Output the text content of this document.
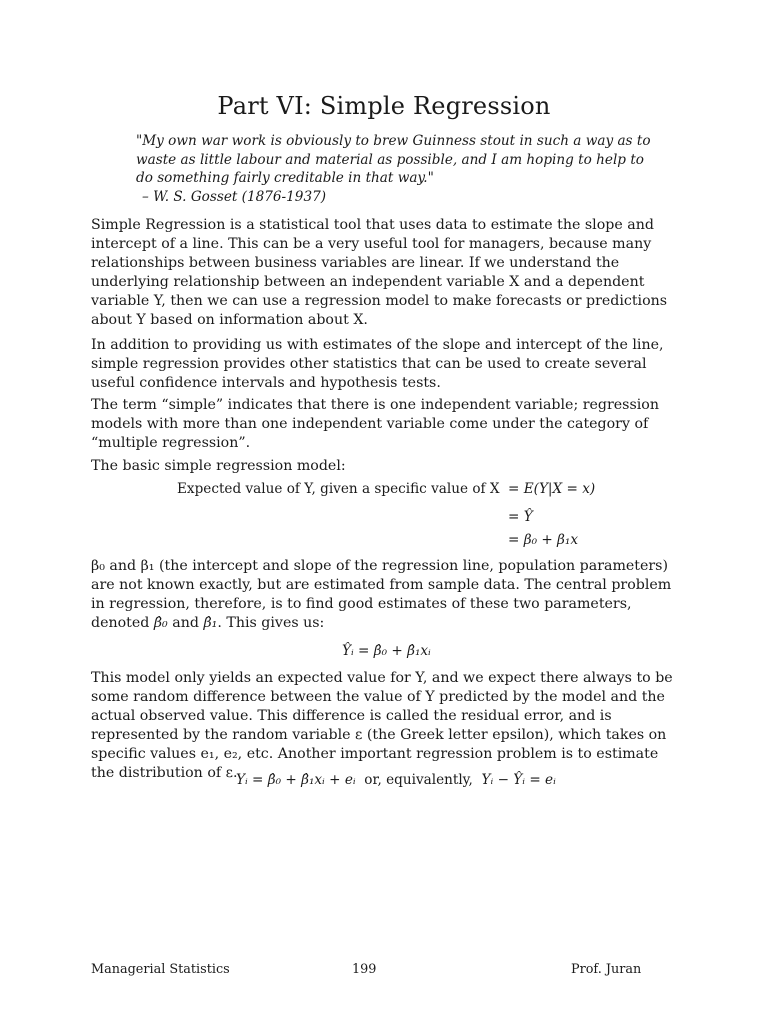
Part VI: Simple Regression
"My own war work is obviously to brew Guinness stout in such a way as to waste as little labour and material as possible, and I am hoping to help to do something fairly creditable in that way."
– W. S. Gosset (1876-1937)
Simple Regression is a statistical tool that uses data to estimate the slope and intercept of a line. This can be a very useful tool for managers, because many relationships between business variables are linear. If we understand the underlying relationship between an independent variable X and a dependent variable Y, then we can use a regression model to make forecasts or predictions about Y based on information about X.
In addition to providing us with estimates of the slope and intercept of the line, simple regression provides other statistics that can be used to create several useful confidence intervals and hypothesis tests.
The term “simple” indicates that there is one independent variable; regression models with more than one independent variable come under the category of “multiple regression”.
The basic simple regression model:
Expected value of Y, given a specific value of X = E(Y|X = x)
= Ŷ
= β₀ + β₁x
β₀ and β₁ (the intercept and slope of the regression line, population parameters) are not known exactly, but are estimated from sample data. The central problem in regression, therefore, is to find good estimates of these two parameters, denoted β̂₀ and β̂₁. This gives us:
Ŷᵢ = β̂₀ + β̂₁xᵢ
This model only yields an expected value for Y, and we expect there always to be some random difference between the value of Y predicted by the model and the actual observed value. This difference is called the residual error, and is represented by the random variable ε (the Greek letter epsilon), which takes on specific values e₁, e₂, etc. Another important regression problem is to estimate the distribution of ε.
Yᵢ = β̂₀ + β̂₁xᵢ + eᵢ or, equivalently, Yᵢ − Ŷᵢ = eᵢ
Managerial Statistics	199	Prof. Juran
